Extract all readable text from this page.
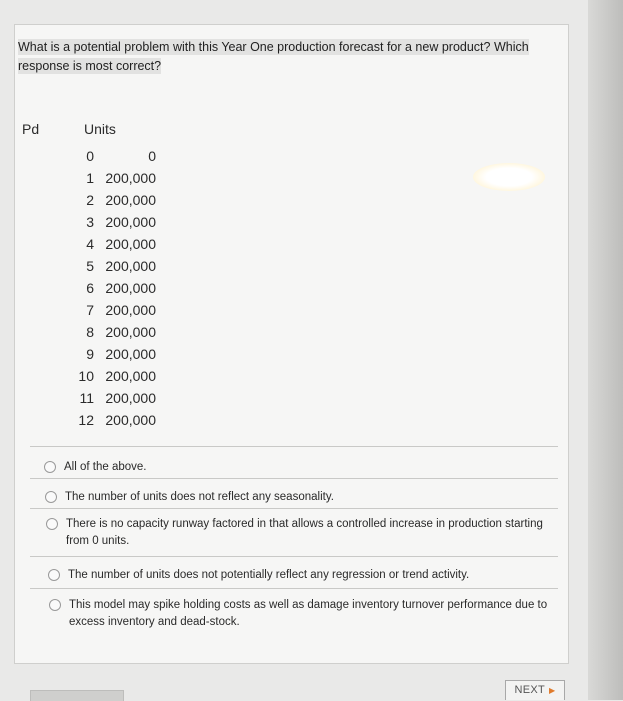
What is a potential problem with this Year One production forecast for a new product? Which response is most correct?
Pd	Units
0	0
1 200,000
2 200,000
3 200,000
4 200,000
5 200,000
6 200,000
7 200,000
8 200,000
9 200,000
10 200,000
11 200,000
12 200,000
All of the above.
The number of units does not reflect any seasonality.
There is no capacity runway factored in that allows a controlled increase in production starting from 0 units.
The number of units does not potentially reflect any regression or trend activity.
This model may spike holding costs as well as damage inventory turnover performance due to excess inventory and dead-stock.
NEXT ▶
